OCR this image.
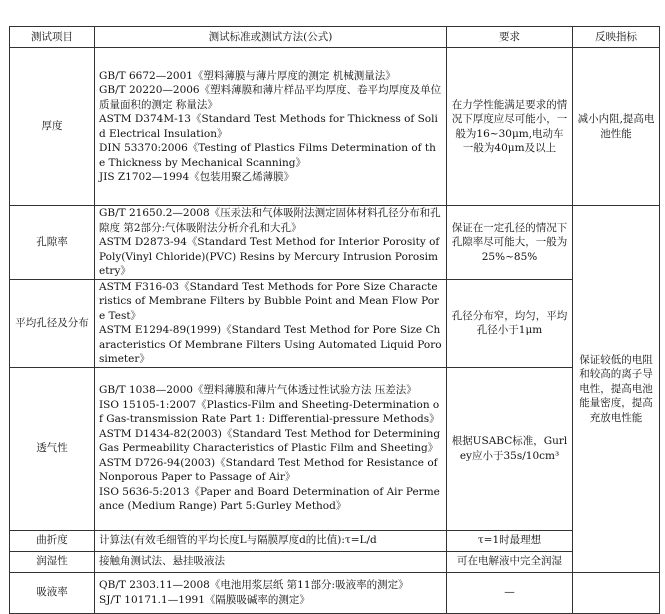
测试项目	测试标准或测试方法(公式)	要求	反映指标	
厚度	GB/T 6672—2001《塑料薄膜与薄片厚度的测定 机械测量法》
GB/T 20220—2006《塑料薄膜和薄片样品平均厚度、卷平均厚度及单位质量面积的测定 称量法》
ASTM D374M-13《Standard Test Methods for Thickness of Solid Electrical Insulation》
DIN 53370:2006《Testing of Plastics Films Determination of the Thickness by Mechanical Scanning》
JIS Z1702—1994《包装用聚乙烯薄膜》	在力学性能满足要求的情况下厚度应尽可能小，一般为16~30μm,电动车一般为40μm及以上	减小内阻,提高电池性能	
孔隙率	GB/T 21650.2—2008《压汞法和气体吸附法测定固体材料孔径分布和孔隙度 第2部分:气体吸附法分析介孔和大孔》
ASTM D2873-94《Standard Test Method for Interior Porosity of Poly(Vinyl Chloride)(PVC) Resins by Mercury Intrusion Porosimetry》	保证在一定孔径的情况下孔隙率尽可能大，一般为25%~85%	保证较低的电阻和较高的离子导电性，提高电池能量密度，提高充放电性能	
平均孔径及分布	ASTM F316-03《Standard Test Methods for Pore Size Characteristics of Membrane Filters by Bubble Point and Mean Flow Pore Test》
ASTM E1294-89(1999)《Standard Test Method for Pore Size Characteristics Of Membrane Filters Using Automated Liquid Porosimeter》	孔径分布窄，均匀，平均孔径小于1μm		
透气性	GB/T 1038—2000《塑料薄膜和薄片气体透过性试验方法 压差法》
ISO 15105-1:2007《Plastics-Film and Sheeting-Determination of Gas-transmission Rate Part 1: Differential-pressure Methods》
ASTM D1434-82(2003)《Standard Test Method for Determining Gas Permeability Characteristics of Plastic Film and Sheeting》
ASTM D726-94(2003)《Standard Test Method for Resistance of Nonporous Paper to Passage of Air》
ISO 5636-5:2013《Paper and Board Determination of Air Permeance (Medium Range) Part 5:Gurley Method》	根据USABC标准，Gurley应小于35s/10cm³		
曲折度	计算法(有效毛细管的平均长度L与隔膜厚度d的比值):τ=L/d	τ=1时最理想		
润湿性	接触角测试法、悬挂吸液法	可在电解液中完全润湿		
吸液率	QB/T 2303.11—2008《电池用浆层纸 第11部分:吸液率的测定》
SJ/T 10171.1—1991《隔膜吸碱率的测定》	—		
